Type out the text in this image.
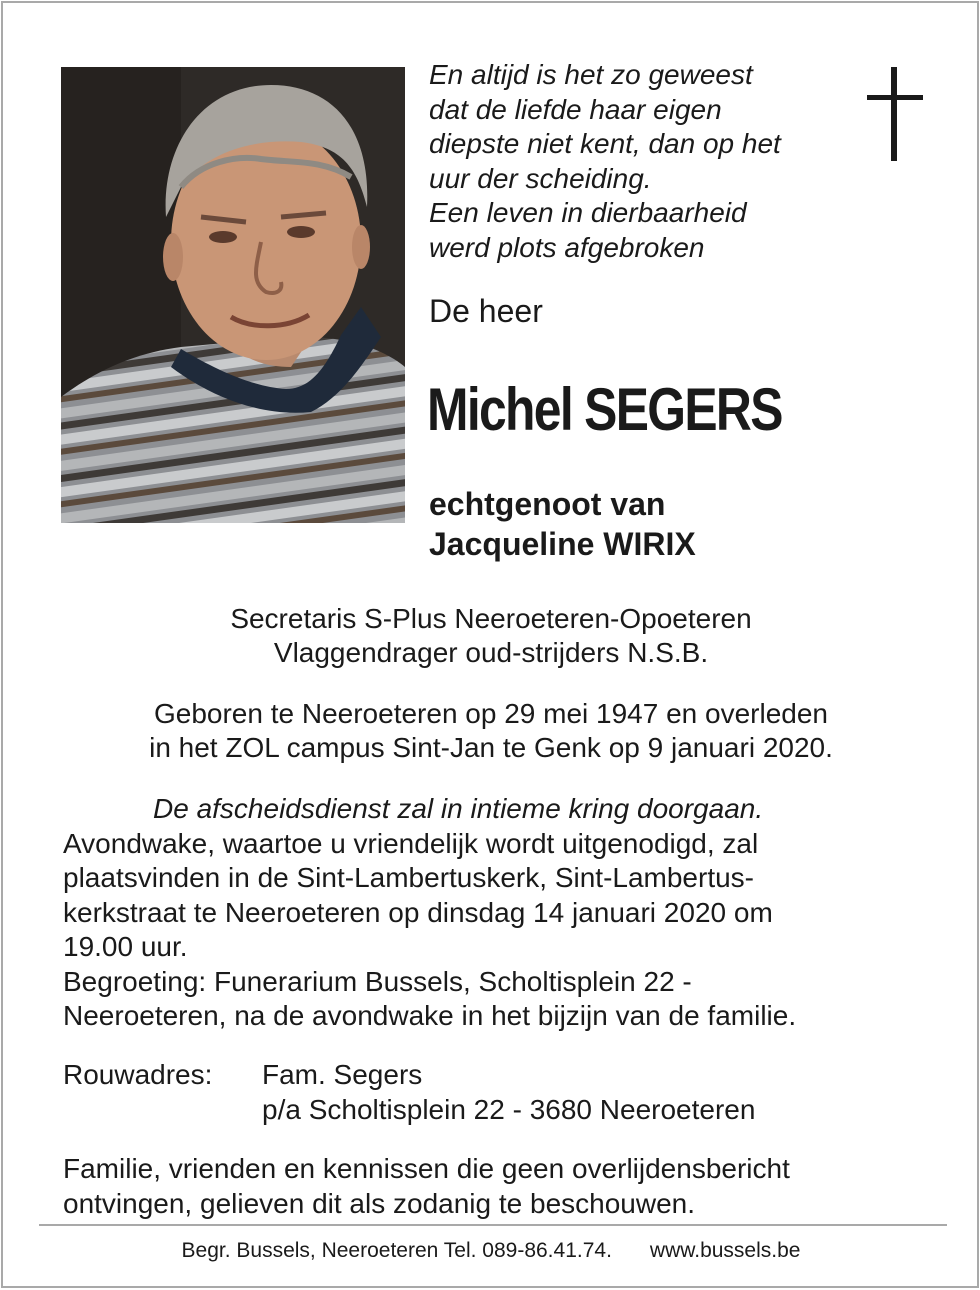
En altijd is het zo geweest
dat de liefde haar eigen
diepste niet kent, dan op het
uur der scheiding.
Een leven in dierbaarheid
werd plots afgebroken
De heer
Michel SEGERS
echtgenoot van
Jacqueline WIRIX
Secretaris S-Plus Neeroeteren-Opoeteren
Vlaggendrager oud-strijders N.S.B.
Geboren te Neeroeteren op 29 mei 1947 en overleden
in het ZOL campus Sint-Jan te Genk op 9 januari 2020.
De afscheidsdienst zal in intieme kring doorgaan.
Avondwake, waartoe u vriendelijk wordt uitgenodigd, zal
plaatsvinden in de Sint-Lambertuskerk, Sint-Lambertus-
kerkstraat te Neeroeteren op dinsdag 14 januari 2020 om
19.00 uur.
Begroeting: Funerarium Bussels, Scholtisplein 22 -
Neeroeteren, na de avondwake in het bijzijn van de familie.
Rouwadres: Fam. Segers
p/a Scholtisplein 22 - 3680 Neeroeteren
Familie, vrienden en kennissen die geen overlijdensbericht
ontvingen, gelieven dit als zodanig te beschouwen.
Begr. Bussels, Neeroeteren Tel. 089-86.41.74. www.bussels.be
